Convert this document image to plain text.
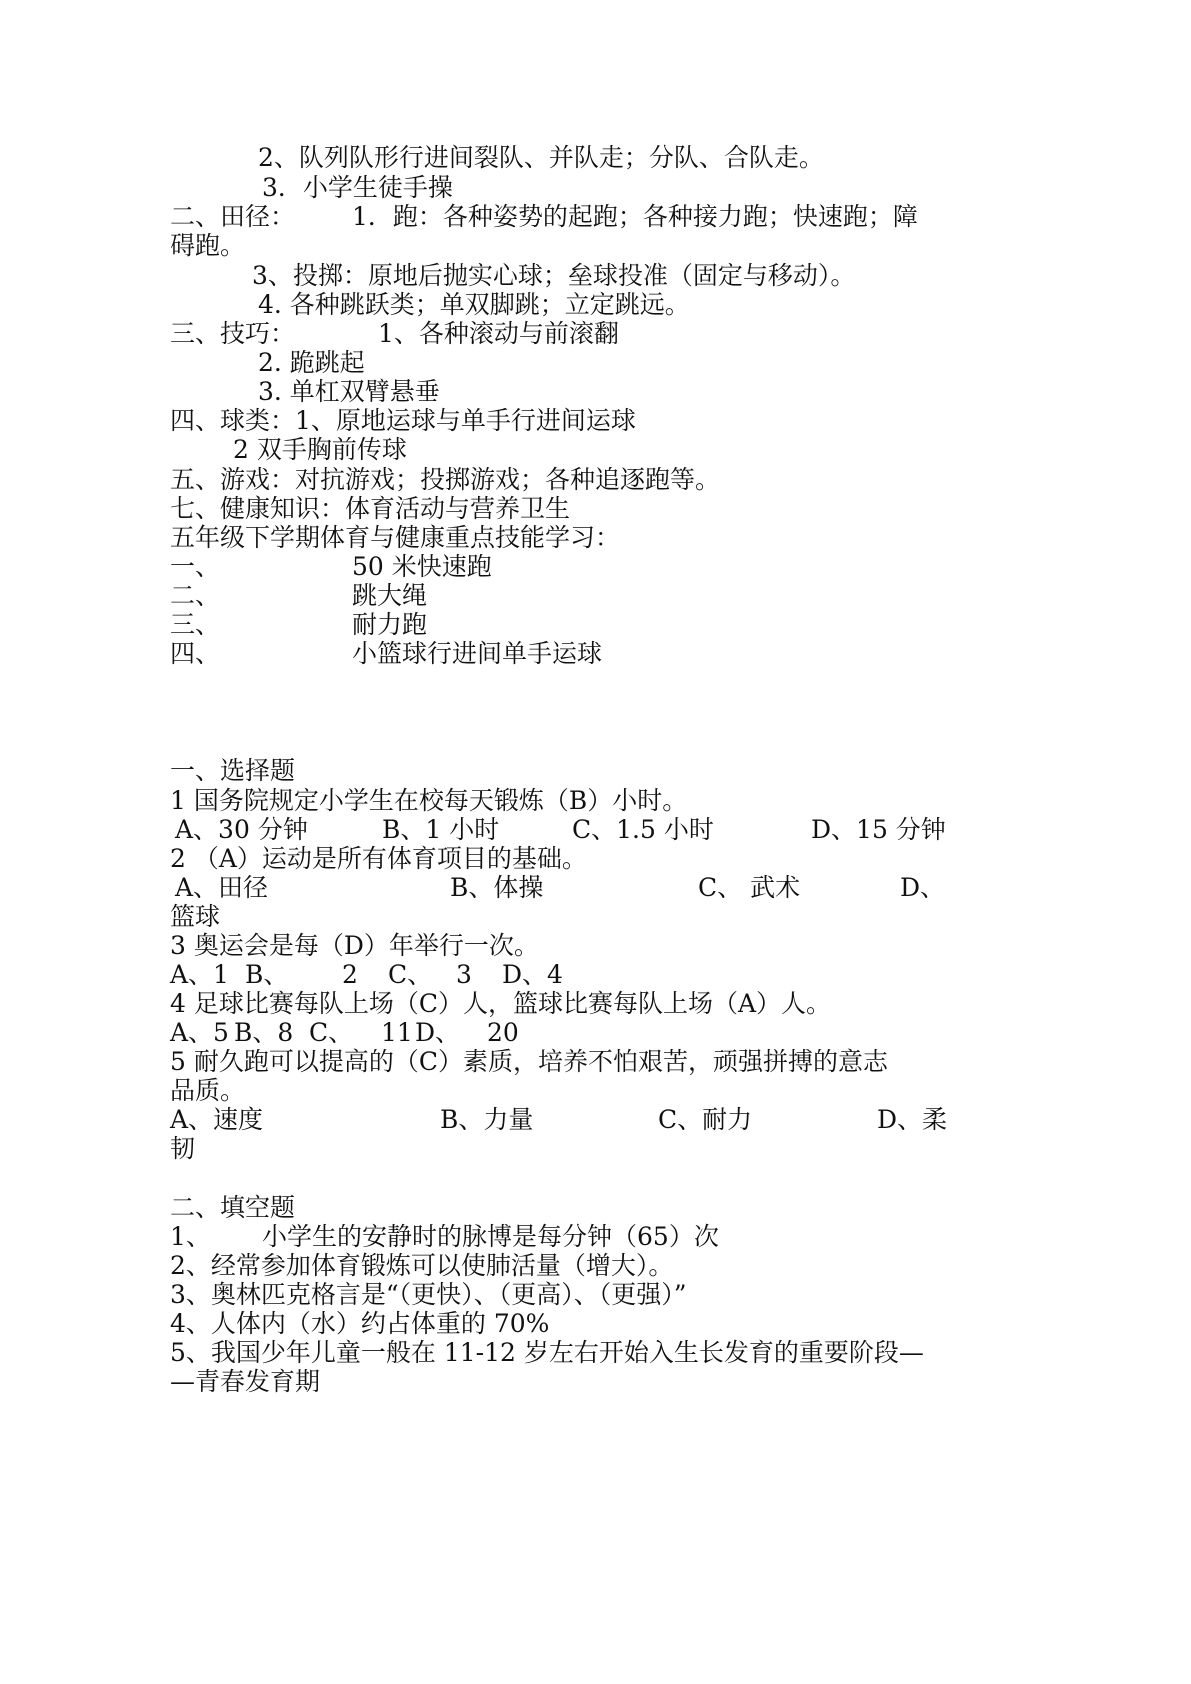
2、队列队形行进间裂队、并队走；分队、合队走。
3．小学生徒手操
二、田径： 1．跑：各种姿势的起跑；各种接力跑；快速跑；障
碍跑。
3、投掷：原地后抛实心球；垒球投准（固定与移动）。
4. 各种跳跃类；单双脚跳；立定跳远。
三、技巧：	1、各种滚动与前滚翻
2. 跪跳起
3. 单杠双臂悬垂
四、球类：1、原地运球与单手行进间运球
2 双手胸前传球
五、游戏：对抗游戏；投掷游戏；各种追逐跑等。
七、健康知识：体育活动与营养卫生
五年级下学期体育与健康重点技能学习：
一、	50 米快速跑
二、	跳大绳
三、	耐力跑
四、	小篮球行进间单手运球
一、选择题
1 国务院规定小学生在校每天锻炼（B）小时。
A、30 分钟	B、1 小时	C、1.5 小时	D、15 分钟
2 （A）运动是所有体育项目的基础。
A、田径	B、体操	C、 武术	D、
篮球
3 奥运会是每（D）年举行一次。
A、1 B、 2 C、 3 D、4
4 足球比赛每队上场（C）人，篮球比赛每队上场（A）人。
A、5 B、8 C、 11 D、 20
5 耐久跑可以提高的（C）素质，培养不怕艰苦，顽强拼搏的意志
品质。
A、速度	B、力量	C、耐力	D、柔
韧
二、填空题
1、 小学生的安静时的脉博是每分钟（65）次
2、经常参加体育锻炼可以使肺活量（增大）。
3、奥林匹克格言是“（更快）、（更高）、（更强）”
4、人体内（水）约占体重的 70%
5、我国少年儿童一般在 11-12 岁左右开始入生长发育的重要阶段—
—青春发育期
